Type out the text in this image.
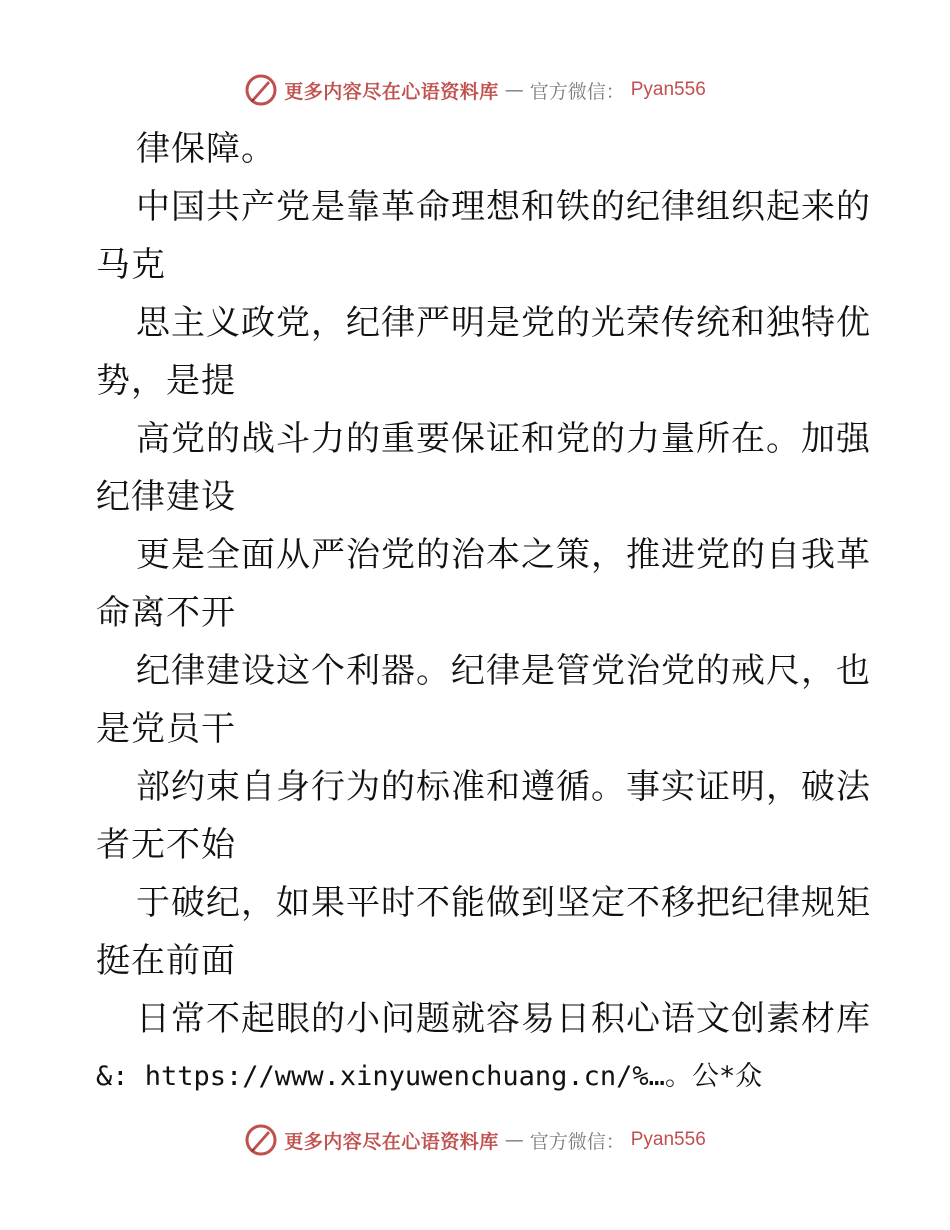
更多内容尽在心语资料库 — 官方微信： Pyan556
律保障。
中国共产党是靠革命理想和铁的纪律组织起来的
马克
思主义政党，纪律严明是党的光荣传统和独特优
势，是提
高党的战斗力的重要保证和党的力量所在。加强
纪律建设
更是全面从严治党的治本之策，推进党的自我革
命离不开
纪律建设这个利器。纪律是管党治党的戒尺，也
是党员干
部约束自身行为的标准和遵循。事实证明，破法
者无不始
于破纪，如果平时不能做到坚定不移把纪律规矩
挺在前面
日常不起眼的小问题就容易日积心语文创素材库
&: https://www.xinyuwenchuang.cn/%…。公*众
更多内容尽在心语资料库 — 官方微信： Pyan556
